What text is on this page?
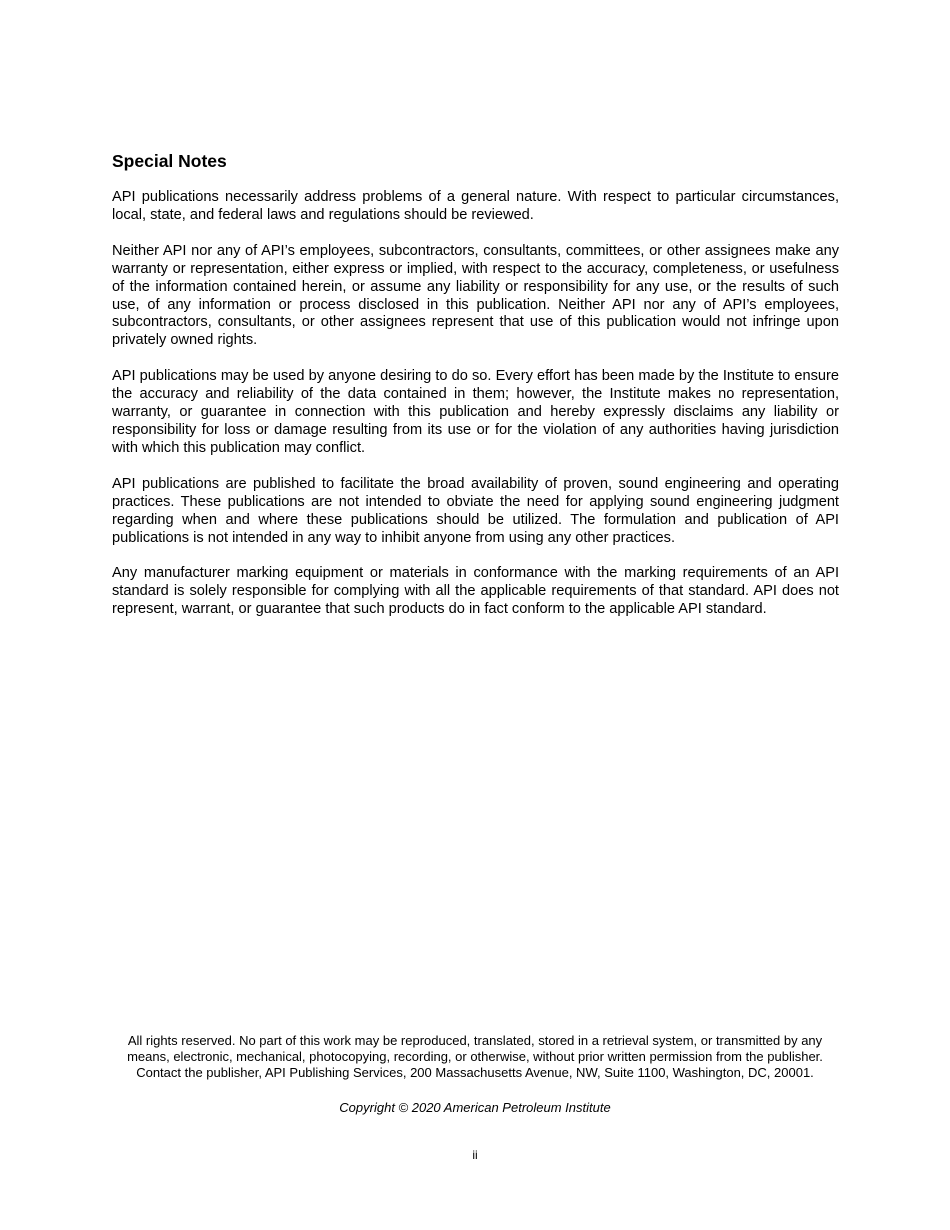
Special Notes

API publications necessarily address problems of a general nature. With respect to particular circumstances, local, state, and federal laws and regulations should be reviewed.

Neither API nor any of API’s employees, subcontractors, consultants, committees, or other assignees make any warranty or representation, either express or implied, with respect to the accuracy, completeness, or usefulness of the information contained herein, or assume any liability or responsibility for any use, or the results of such use, of any information or process disclosed in this publication. Neither API nor any of API’s employees, subcontractors, consultants, or other assignees represent that use of this publication would not infringe upon privately owned rights.

API publications may be used by anyone desiring to do so. Every effort has been made by the Institute to ensure the accuracy and reliability of the data contained in them; however, the Institute makes no representation, warranty, or guarantee in connection with this publication and hereby expressly disclaims any liability or responsibility for loss or damage resulting from its use or for the violation of any authorities having jurisdiction with which this publication may conflict.

API publications are published to facilitate the broad availability of proven, sound engineering and operating practices. These publications are not intended to obviate the need for applying sound engineering judgment regarding when and where these publications should be utilized. The formulation and publication of API publications is not intended in any way to inhibit anyone from using any other practices.

Any manufacturer marking equipment or materials in conformance with the marking requirements of an API standard is solely responsible for complying with all the applicable requirements of that standard. API does not represent, warrant, or guarantee that such products do in fact conform to the applicable API standard.

All rights reserved. No part of this work may be reproduced, translated, stored in a retrieval system, or transmitted by any
means, electronic, mechanical, photocopying, recording, or otherwise, without prior written permission from the publisher.
Contact the publisher, API Publishing Services, 200 Massachusetts Avenue, NW, Suite 1100, Washington, DC, 20001.
Copyright © 2020 American Petroleum Institute
ii
